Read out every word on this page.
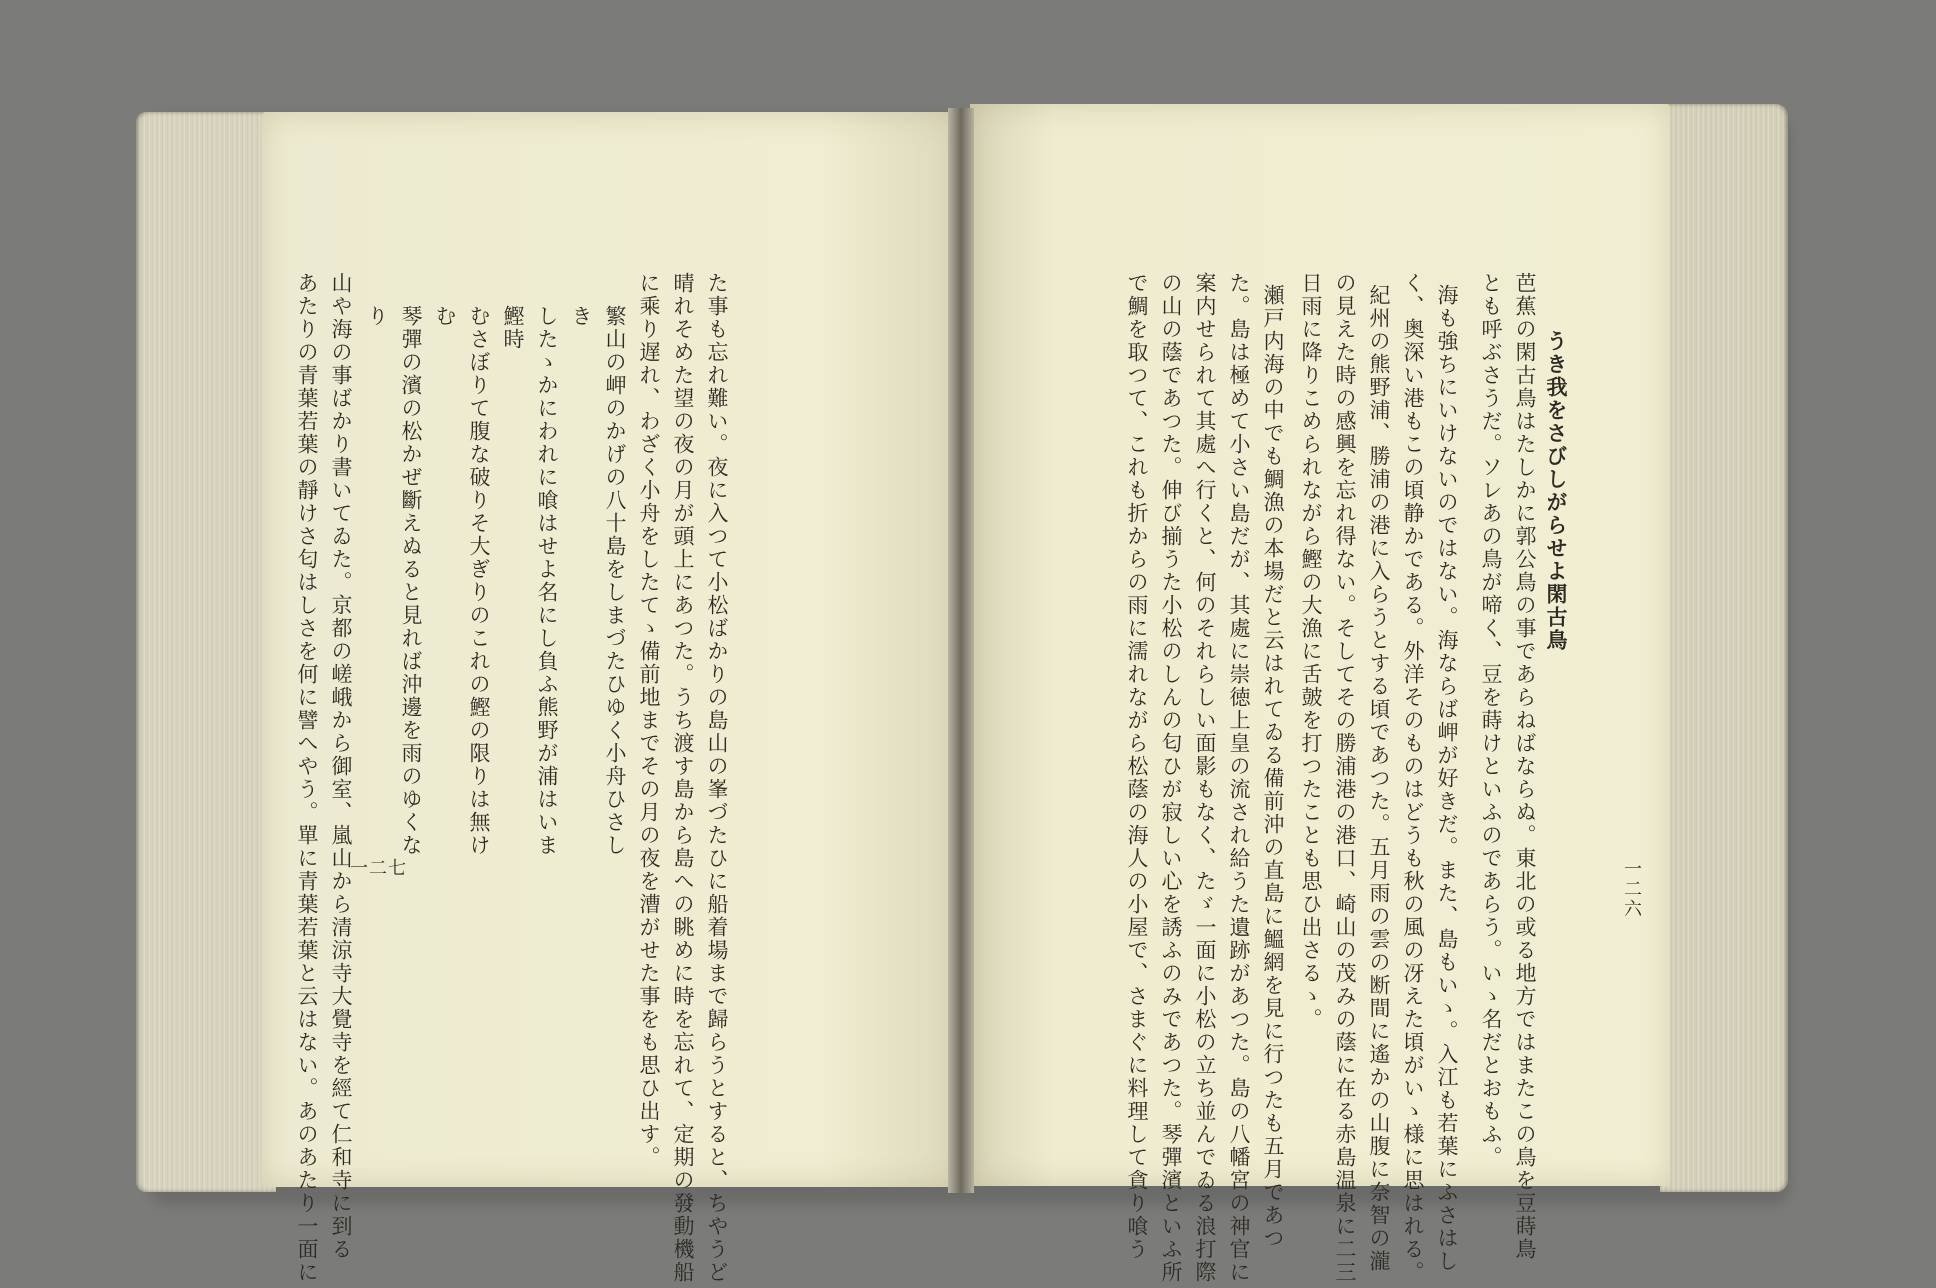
た事も忘れ難い。夜に入つて小松ばかりの島山の峯づたひに船着場まで歸らうとすると、ちやうど
晴れそめた望の夜の月が頭上にあつた。うち渡す島から島への眺めに時を忘れて、定期の發動機船
に乘り遅れ、わざく小舟をしたてゝ備前地までその月の夜を漕がせた事をも思ひ出す。
繁山の岬のかげの八十島をしまづたひゆく小舟ひさし
き
したゝかにわれに喰はせよ名にし負ふ熊野が浦はいま
鰹時
むさぼりて腹な破りそ大ぎりのこれの鰹の限りは無け
む
琴彈の濱の松かぜ斷えぬると見れば沖邊を雨のゆくな
り
山や海の事ばかり書いてゐた。京都の嵯峨から御室、嵐山から清涼寺大覺寺を經て仁和寺に到る
あたりの青葉若葉の靜けさ匂はしさを何に譬へやう。單に青葉若葉と云はない。あのあたり一面に 一二七	一二六
うき我をさびしがらせよ閑古鳥
芭蕉の閑古鳥はたしかに郭公鳥の事であらねばならぬ。東北の或る地方ではまたこの鳥を豆蒔鳥
とも呼ぶさうだ。ソレあの鳥が啼く、豆を蒔けといふのであらう。いゝ名だとおもふ。
海も強ちにいけないのではない。海ならば岬が好きだ。また、島もいゝ。入江も若葉にふさはし
く、奥深い港もこの頃静かである。外洋そのものはどうも秋の風の冴えた頃がいゝ様に思はれる。
紀州の熊野浦、勝浦の港に入らうとする頃であつた。五月雨の雲の断間に遙かの山腹に奈智の瀧
の見えた時の感興を忘れ得ない。そしてその勝浦港の港口、崎山の茂みの蔭に在る赤島温泉に二三
日雨に降りこめられながら鰹の大漁に舌皷を打つたことも思ひ出さるゝ。
瀬戸内海の中でも鯛漁の本場だと云はれてゐる備前沖の直島に鰮網を見に行つたも五月であつ
た。島は極めて小さい島だが、其處に崇徳上皇の流され給うた遺跡があつた。島の八幡宮の神官に
案内せられて其處へ行くと、何のそれらしい面影もなく、たゞ一面に小松の立ち並んでゐる浪打際
の山の蔭であつた。伸び揃うた小松のしんの匂ひが寂しい心を誘ふのみであつた。琴彈濱といふ所
で鯛を取つて、これも折からの雨に濡れながら松蔭の海人の小屋で、さまぐに料理して貪り喰う
